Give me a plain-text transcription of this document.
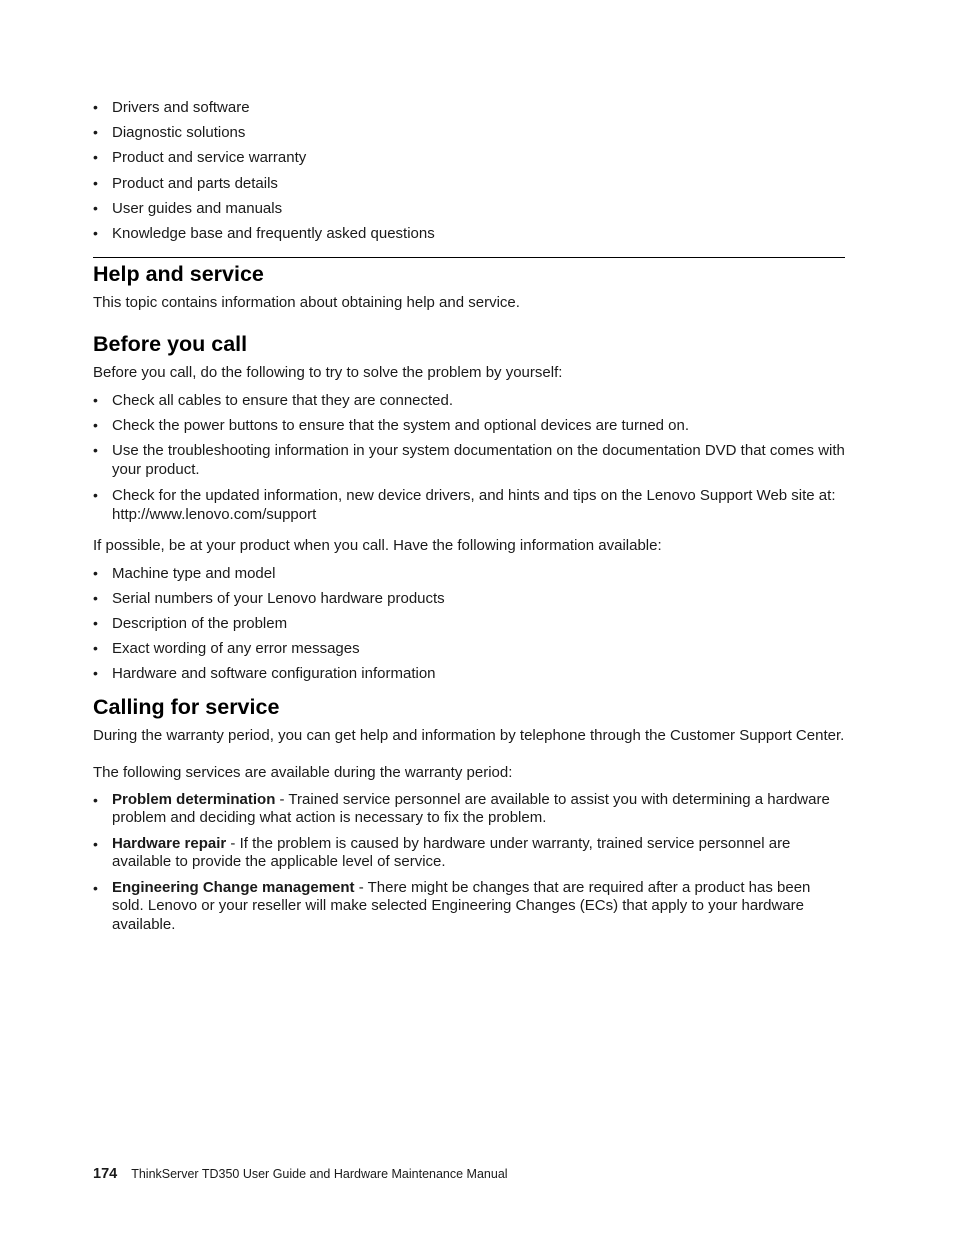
• Drivers and software
• Diagnostic solutions
• Product and service warranty
• Product and parts details
• User guides and manuals
• Knowledge base and frequently asked questions
Help and service

This topic contains information about obtaining help and service.

Before you call

Before you call, do the following to try to solve the problem by yourself:

• Check all cables to ensure that they are connected.
• Check the power buttons to ensure that the system and optional devices are turned on.
• Use the troubleshooting information in your system documentation on the documentation DVD that comes with your product.
• Check for the updated information, new device drivers, and hints and tips on the Lenovo Support Web site at:
http://www.lenovo.com/support

If possible, be at your product when you call. Have the following information available:

• Machine type and model
• Serial numbers of your Lenovo hardware products
• Description of the problem
• Exact wording of any error messages
• Hardware and software configuration information
Calling for service

During the warranty period, you can get help and information by telephone through the Customer Support Center.

The following services are available during the warranty period:

• Problem determination - Trained service personnel are available to assist you with determining a hardware problem and deciding what action is necessary to fix the problem.
• Hardware repair - If the problem is caused by hardware under warranty, trained service personnel are available to provide the applicable level of service.
• Engineering Change management - There might be changes that are required after a product has been sold. Lenovo or your reseller will make selected Engineering Changes (ECs) that apply to your hardware available.
174 ThinkServer TD350 User Guide and Hardware Maintenance Manual
